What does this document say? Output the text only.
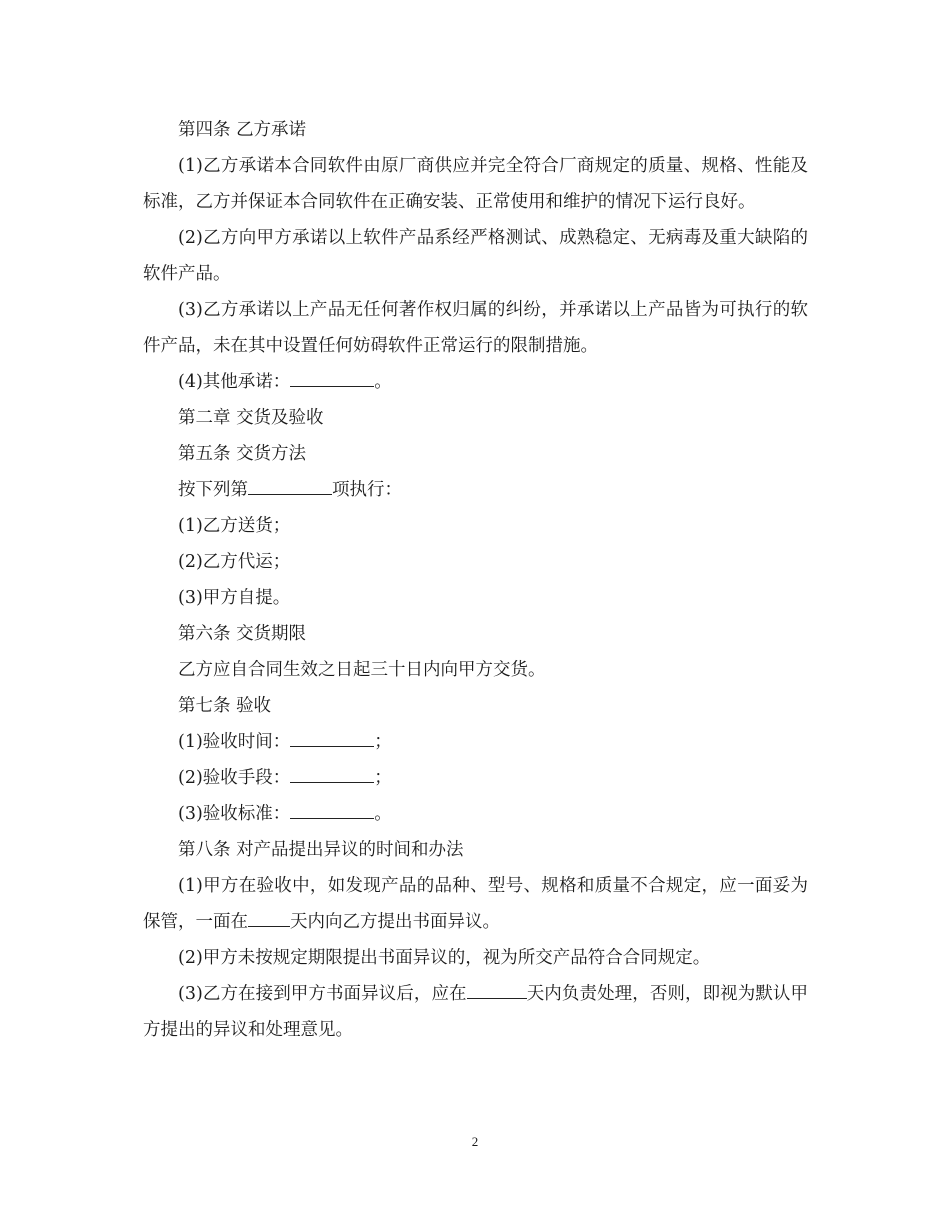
第四条 乙方承诺

(1)乙方承诺本合同软件由原厂商供应并完全符合厂商规定的质量、规格、性能及标准，乙方并保证本合同软件在正确安装、正常使用和维护的情况下运行良好。

(2)乙方向甲方承诺以上软件产品系经严格测试、成熟稳定、无病毒及重大缺陷的软件产品。

(3)乙方承诺以上产品无任何著作权归属的纠纷，并承诺以上产品皆为可执行的软件产品，未在其中设置任何妨碍软件正常运行的限制措施。

(4)其他承诺：	。
第二章 交货及验收
第五条 交货方法
按下列第	项执行：
(1)乙方送货；
(2)乙方代运；
(3)甲方自提。
第六条 交货期限
乙方应自合同生效之日起三十日内向甲方交货。
第七条 验收
(1)验收时间：	；
(2)验收手段：	；
(3)验收标准：	。
第八条 对产品提出异议的时间和办法

(1)甲方在验收中，如发现产品的品种、型号、规格和质量不合规定，应一面妥为保管，一面在 天内向乙方提出书面异议。

(2)甲方未按规定期限提出书面异议的，视为所交产品符合合同规定。

(3)乙方在接到甲方书面异议后，应在	天内负责处理，否则，即视为默认甲方提出的异议和处理意见。

2
